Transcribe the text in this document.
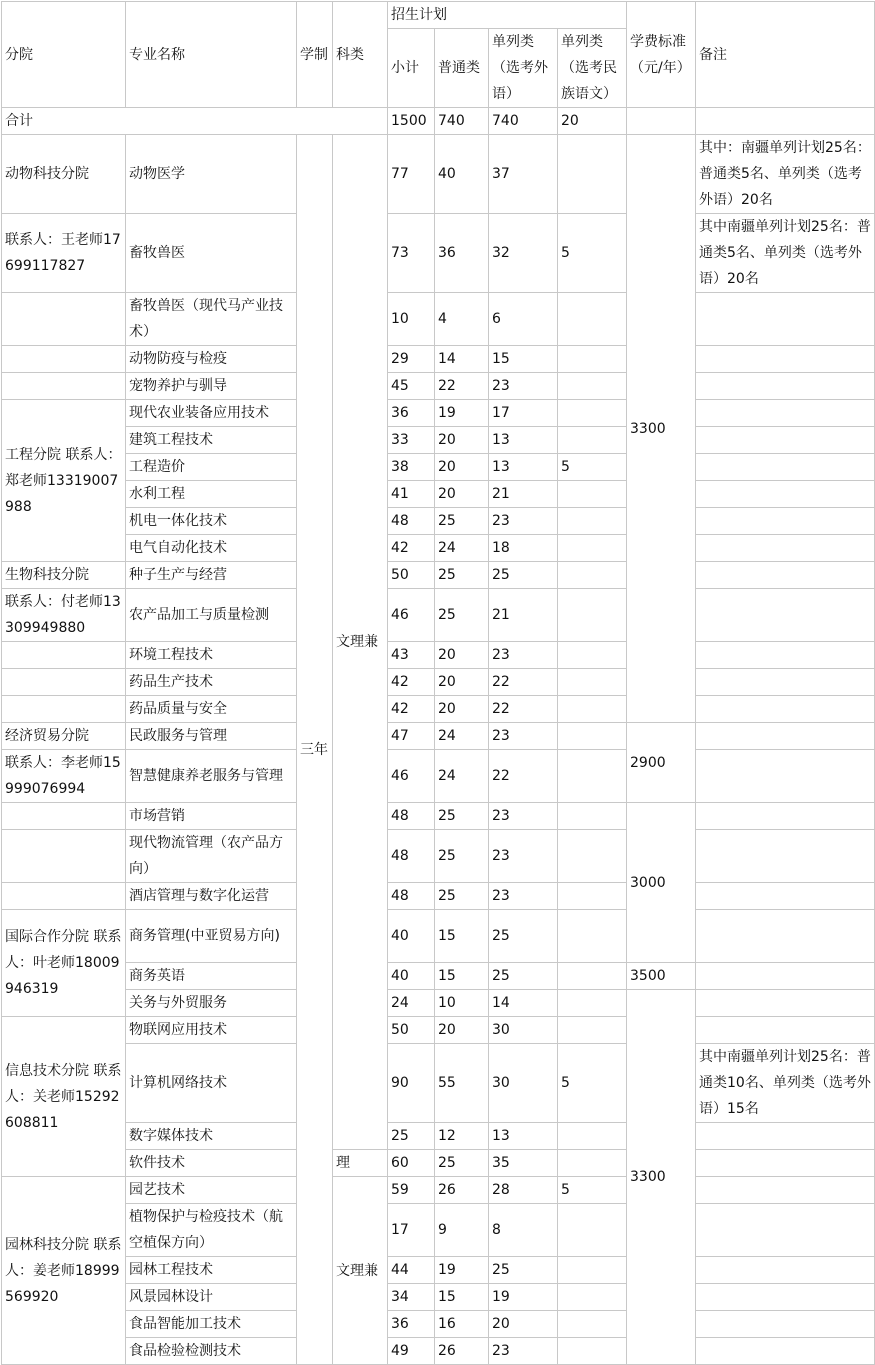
分院	专业名称	学制	科类	招生计划				学费标准（元/年）	备注
				小计	普通类	单列类（选考外语）	单列类（选考民族语文）		
合计				1500	740	740	20		
动物科技分院	动物医学	三年	文理兼	77	40	37		3300	其中：南疆单列计划25名：普通类5名、单列类（选考外语）20名
联系人：王老师17699117827	畜牧兽医			73	36	32	5		其中南疆单列计划25名：普通类5名、单列类（选考外语）20名
	畜牧兽医（现代马产业技术）			10	4	6			
	动物防疫与检疫			29	14	15			
	宠物养护与驯导			45	22	23			
工程分院 联系人：郑老师13319007988	现代农业装备应用技术			36	19	17			
	建筑工程技术			33	20	13			
	工程造价			38	20	13	5		
	水利工程			41	20	21			
	机电一体化技术			48	25	23			
	电气自动化技术			42	24	18			
生物科技分院	种子生产与经营			50	25	25			
联系人：付老师13309949880	农产品加工与质量检测			46	25	21			
	环境工程技术			43	20	23			
	药品生产技术			42	20	22			
	药品质量与安全			42	20	22			
经济贸易分院	民政服务与管理			47	24	23		2900	
联系人：李老师15999076994	智慧健康养老服务与管理			46	24	22			
	市场营销			48	25	23		3000	
	现代物流管理（农产品方向）			48	25	23			
	酒店管理与数字化运营			48	25	23			
国际合作分院 联系人：叶老师18009946319	商务管理(中亚贸易方向)			40	15	25			
	商务英语			40	15	25		3500	
	关务与外贸服务			24	10	14		3300	
信息技术分院 联系人：关老师15292608811	物联网应用技术			50	20	30			
	计算机网络技术			90	55	30	5		其中南疆单列计划25名：普通类10名、单列类（选考外语）15名
	数字媒体技术			25	12	13			
	软件技术		理	60	25	35			
园林科技分院 联系人：姜老师18999569920	园艺技术		文理兼	59	26	28	5		
	植物保护与检疫技术（航空植保方向）			17	9	8			
	园林工程技术			44	19	25			
	风景园林设计			34	15	19			
	食品智能加工技术			36	16	20			
	食品检验检测技术			49	26	23			
